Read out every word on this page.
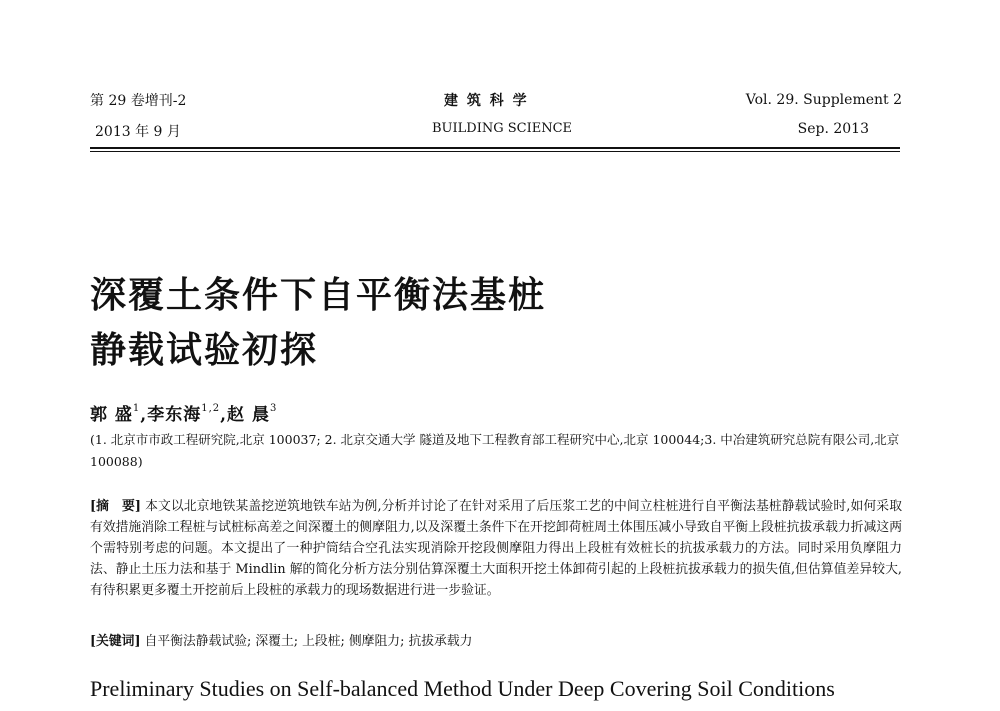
第 29 卷增刊-2
2013 年 9 月
建 筑 科 学
BUILDING SCIENCE
Vol. 29. Supplement 2
Sep. 2013
深覆土条件下自平衡法基桩
静载试验初探
郭 盛$^1$,李东海$^{1,2}$,赵 晨$^3$
(1. 北京市市政工程研究院,北京 100037; 2. 北京交通大学 隧道及地下工程教育部工程研究中心,北京 100044;3. 中冶建筑研究总院有限公司,北京 100088)
[摘　要] 本文以北京地铁某盖挖逆筑地铁车站为例,分析并讨论了在针对采用了后压浆工艺的中间立柱桩进行自平衡法基桩静载试验时,如何采取有效措施消除工程桩与试桩标高差之间深覆土的侧摩阻力,以及深覆土条件下在开挖卸荷桩周土体围压减小导致自平衡上段桩抗拔承载力折减这两个需特别考虑的问题。本文提出了一种护筒结合空孔法实现消除开挖段侧摩阻力得出上段桩有效桩长的抗拔承载力的方法。同时采用负摩阻力法、静止土压力法和基于 Mindlin 解的简化分析方法分别估算深覆土大面积开挖土体卸荷引起的上段桩抗拔承载力的损失值,但估算值差异较大,有待积累更多覆土开挖前后上段桩的承载力的现场数据进行进一步验证。
[关键词] 自平衡法静载试验; 深覆土; 上段桩; 侧摩阻力; 抗拔承载力
Preliminary Studies on Self-balanced Method Under Deep Covering Soil Conditions
